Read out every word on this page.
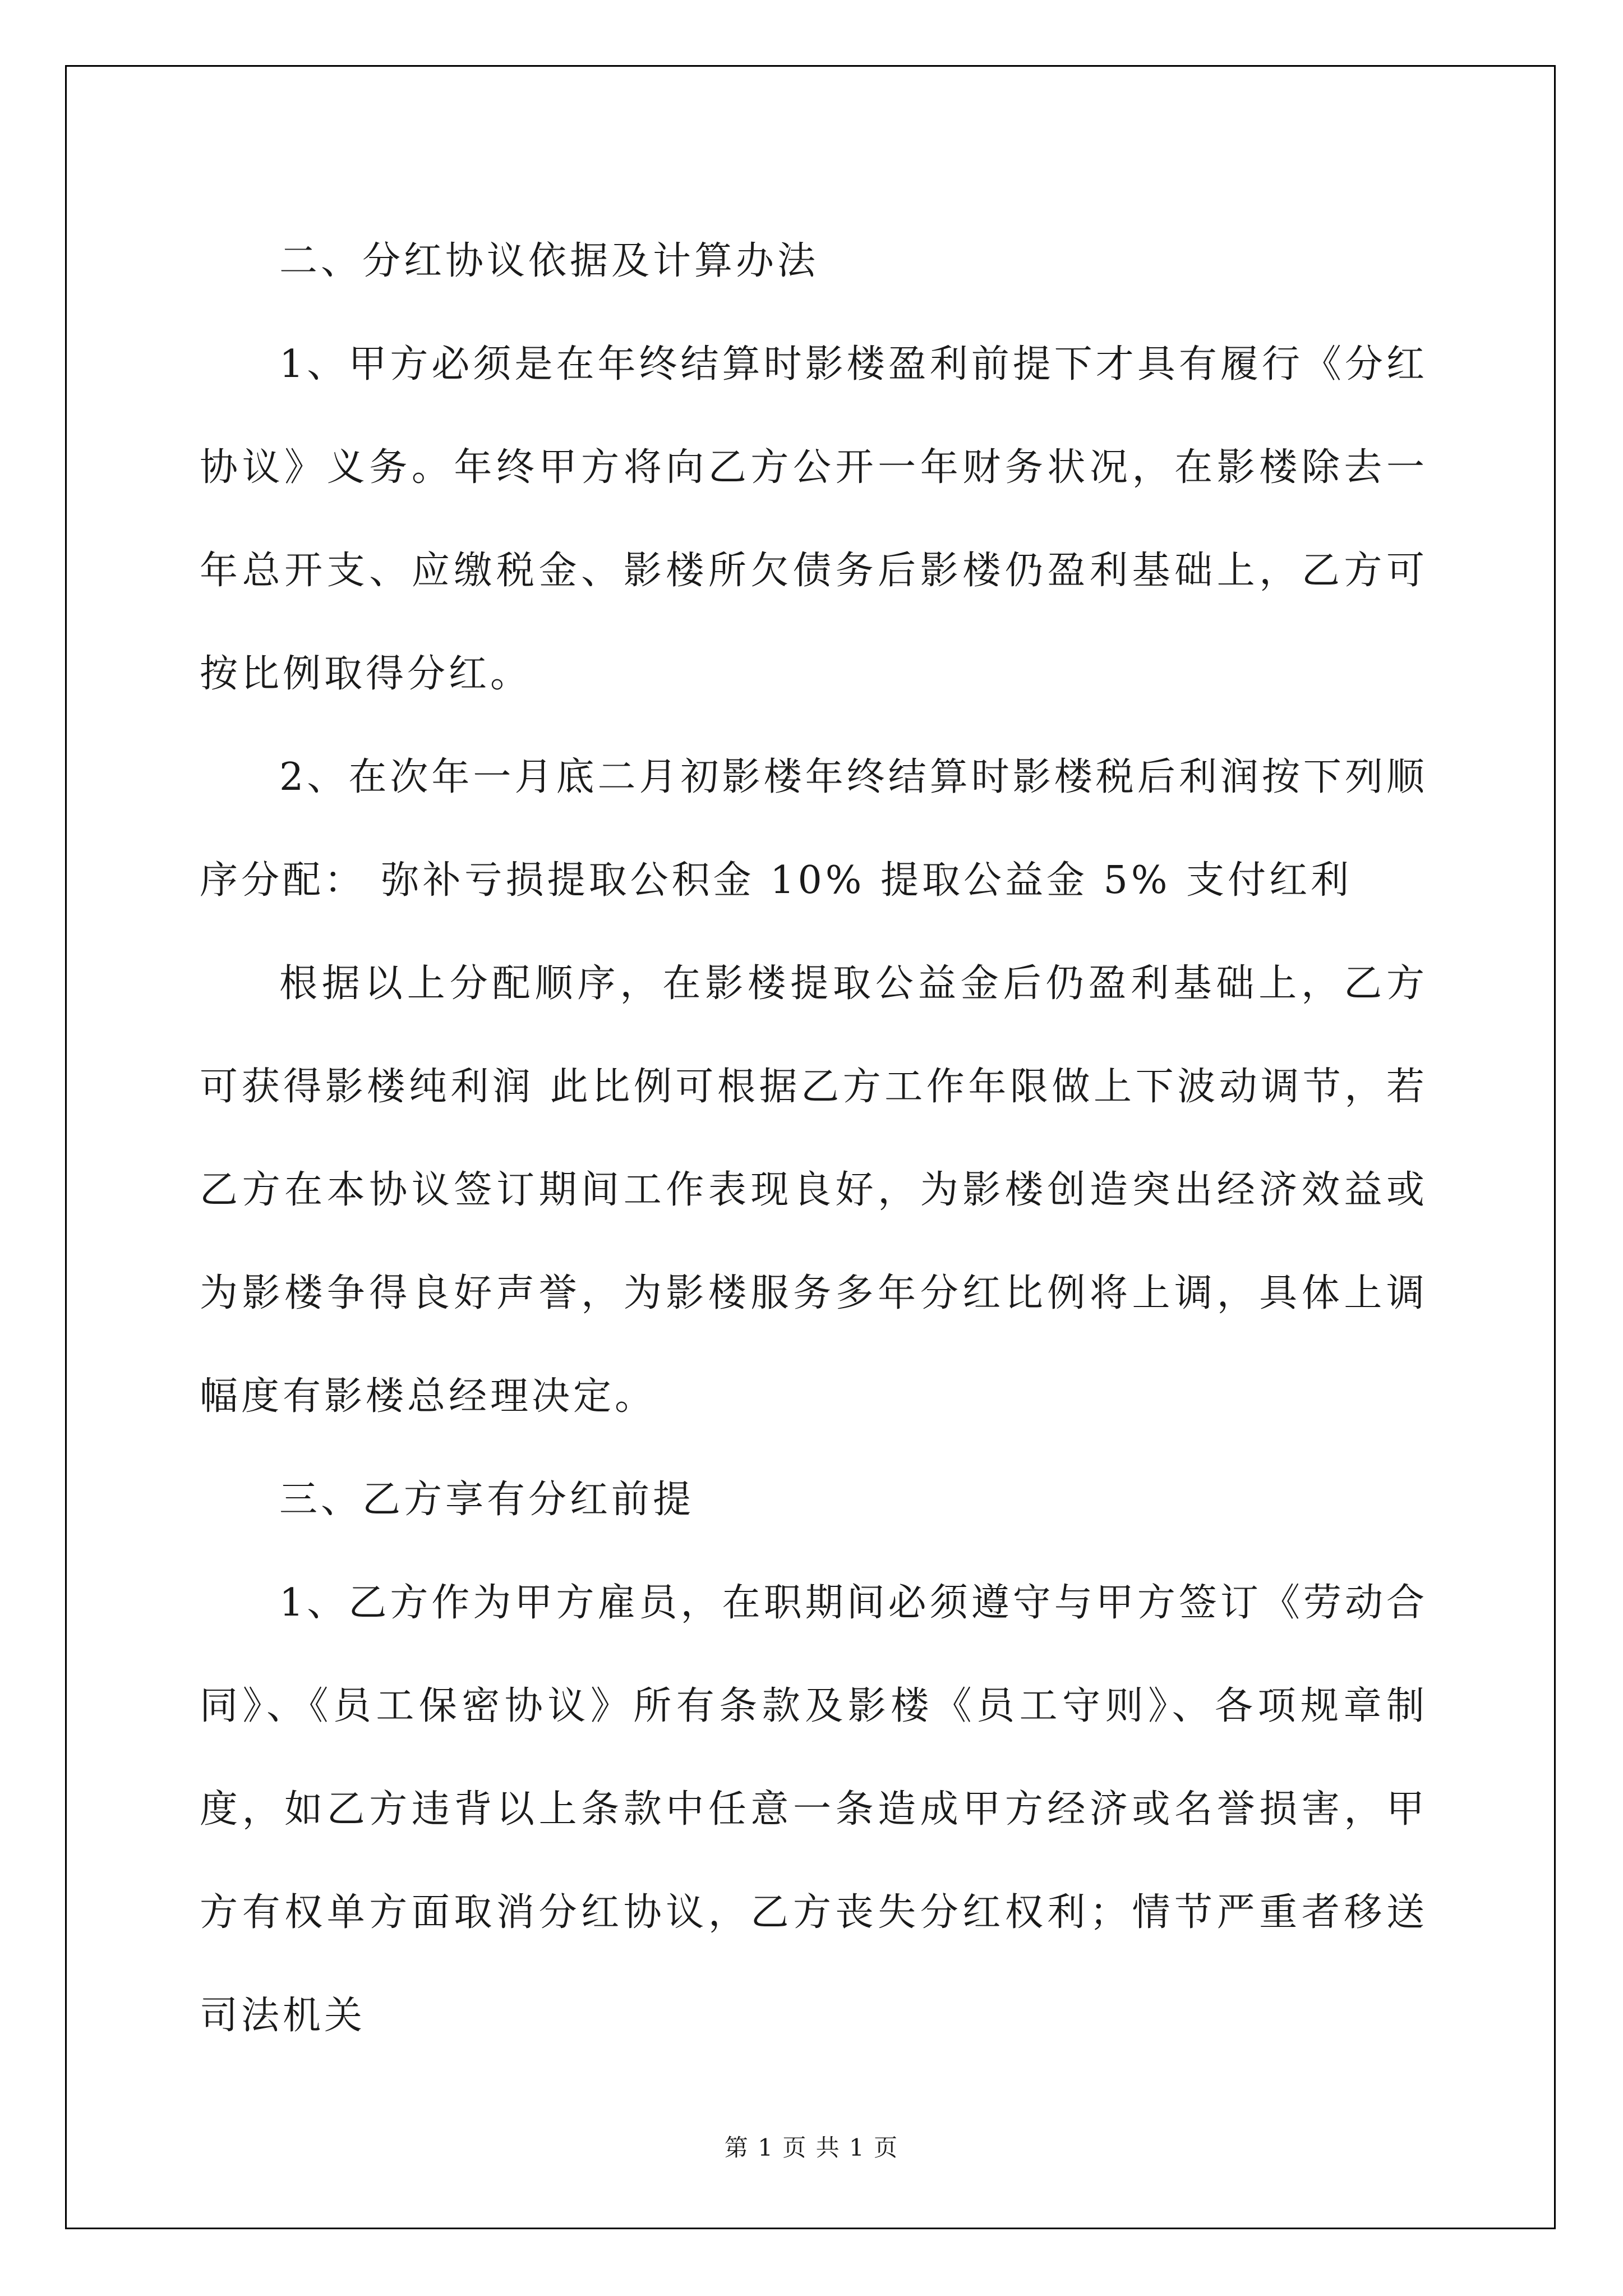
二、分红协议依据及计算办法

1、甲方必须是在年终结算时影楼盈利前提下才具有履行《分红协议》义务。年终甲方将向乙方公开一年财务状况，在影楼除去一年总开支、应缴税金、影楼所欠债务后影楼仍盈利基础上，乙方可按比例取得分红。

2、在次年一月底二月初影楼年终结算时影楼税后利润按下列顺序分配： 弥补亏损提取公积金 10% 提取公益金 5% 支付红利

根据以上分配顺序，在影楼提取公益金后仍盈利基础上，乙方可获得影楼纯利润 此比例可根据乙方工作年限做上下波动调节，若乙方在本协议签订期间工作表现良好，为影楼创造突出经济效益或为影楼争得良好声誉，为影楼服务多年分红比例将上调，具体上调幅度有影楼总经理决定。

三、乙方享有分红前提

1、乙方作为甲方雇员，在职期间必须遵守与甲方签订《劳动合同》、《员工保密协议》所有条款及影楼《员工守则》、各项规章制度，如乙方违背以上条款中任意一条造成甲方经济或名誉损害，甲方有权单方面取消分红协议，乙方丧失分红权利；情节严重者移送司法机关

第 1 页 共 1 页
